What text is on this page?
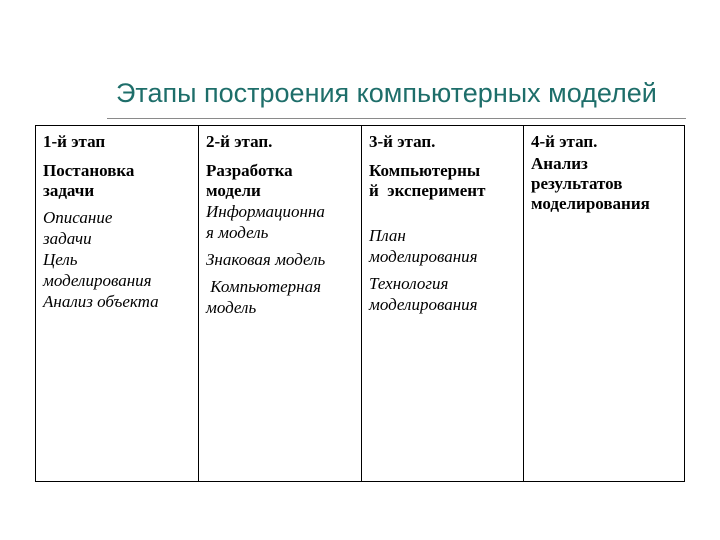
Этапы построения компьютерных моделей
1-й этап
Постановка
задачи
Описание
задачи
Цель
моделирования
Анализ объекта
2-й этап.
Разработка
модели
Информационна
я модель
Знаковая модель
Компьютерная
модель
3-й этап.
Компьютерны
й  эксперимент
План
моделирования
Технология
моделирования
4-й этап.
Анализ
результатов
моделирования
